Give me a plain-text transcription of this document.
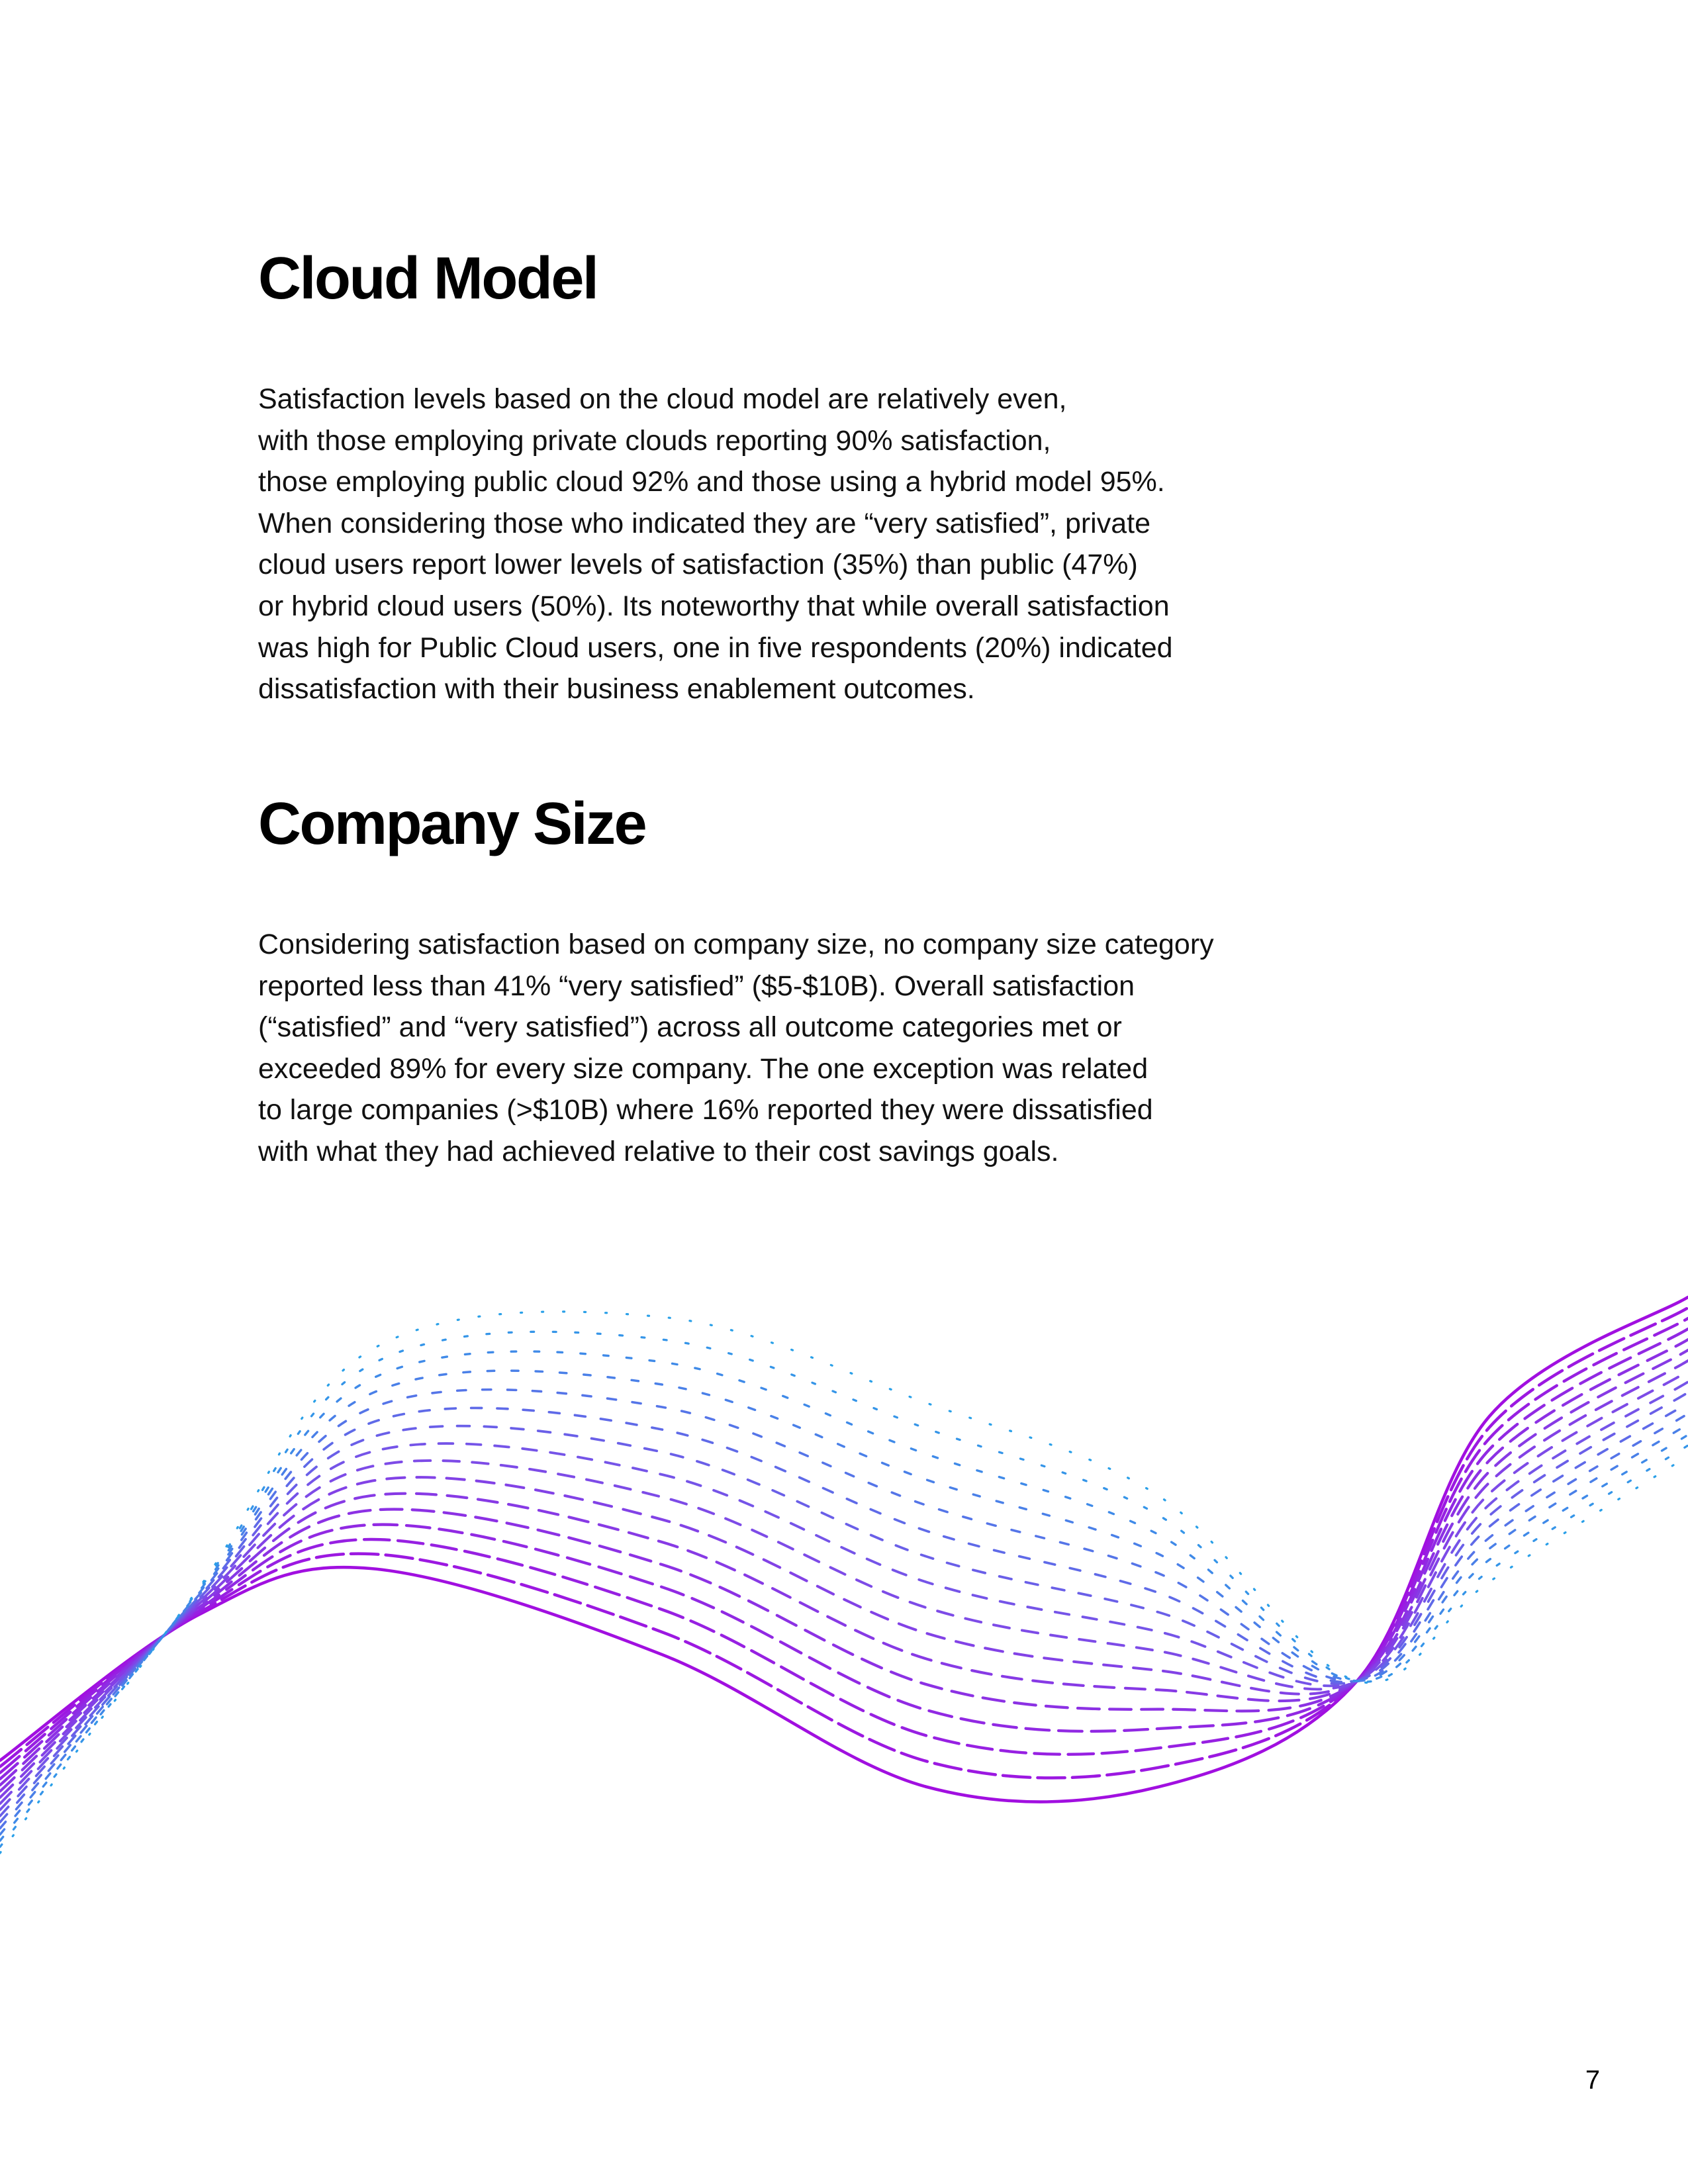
Cloud Model

Satisfaction levels based on the cloud model are relatively even,
with those employing private clouds reporting 90% satisfaction,
those employing public cloud 92% and those using a hybrid model 95%.
When considering those who indicated they are “very satisfied”, private
cloud users report lower levels of satisfaction (35%) than public (47%)
or hybrid cloud users (50%). Its noteworthy that while overall satisfaction
was high for Public Cloud users, one in five respondents (20%) indicated
dissatisfaction with their business enablement outcomes.

Company Size

Considering satisfaction based on company size, no company size category
reported less than 41% “very satisfied” ($5-$10B). Overall satisfaction
(“satisfied” and “very satisfied”) across all outcome categories met or
exceeded 89% for every size company. The one exception was related
to large companies (>$10B) where 16% reported they were dissatisfied
with what they had achieved relative to their cost savings goals.

7
